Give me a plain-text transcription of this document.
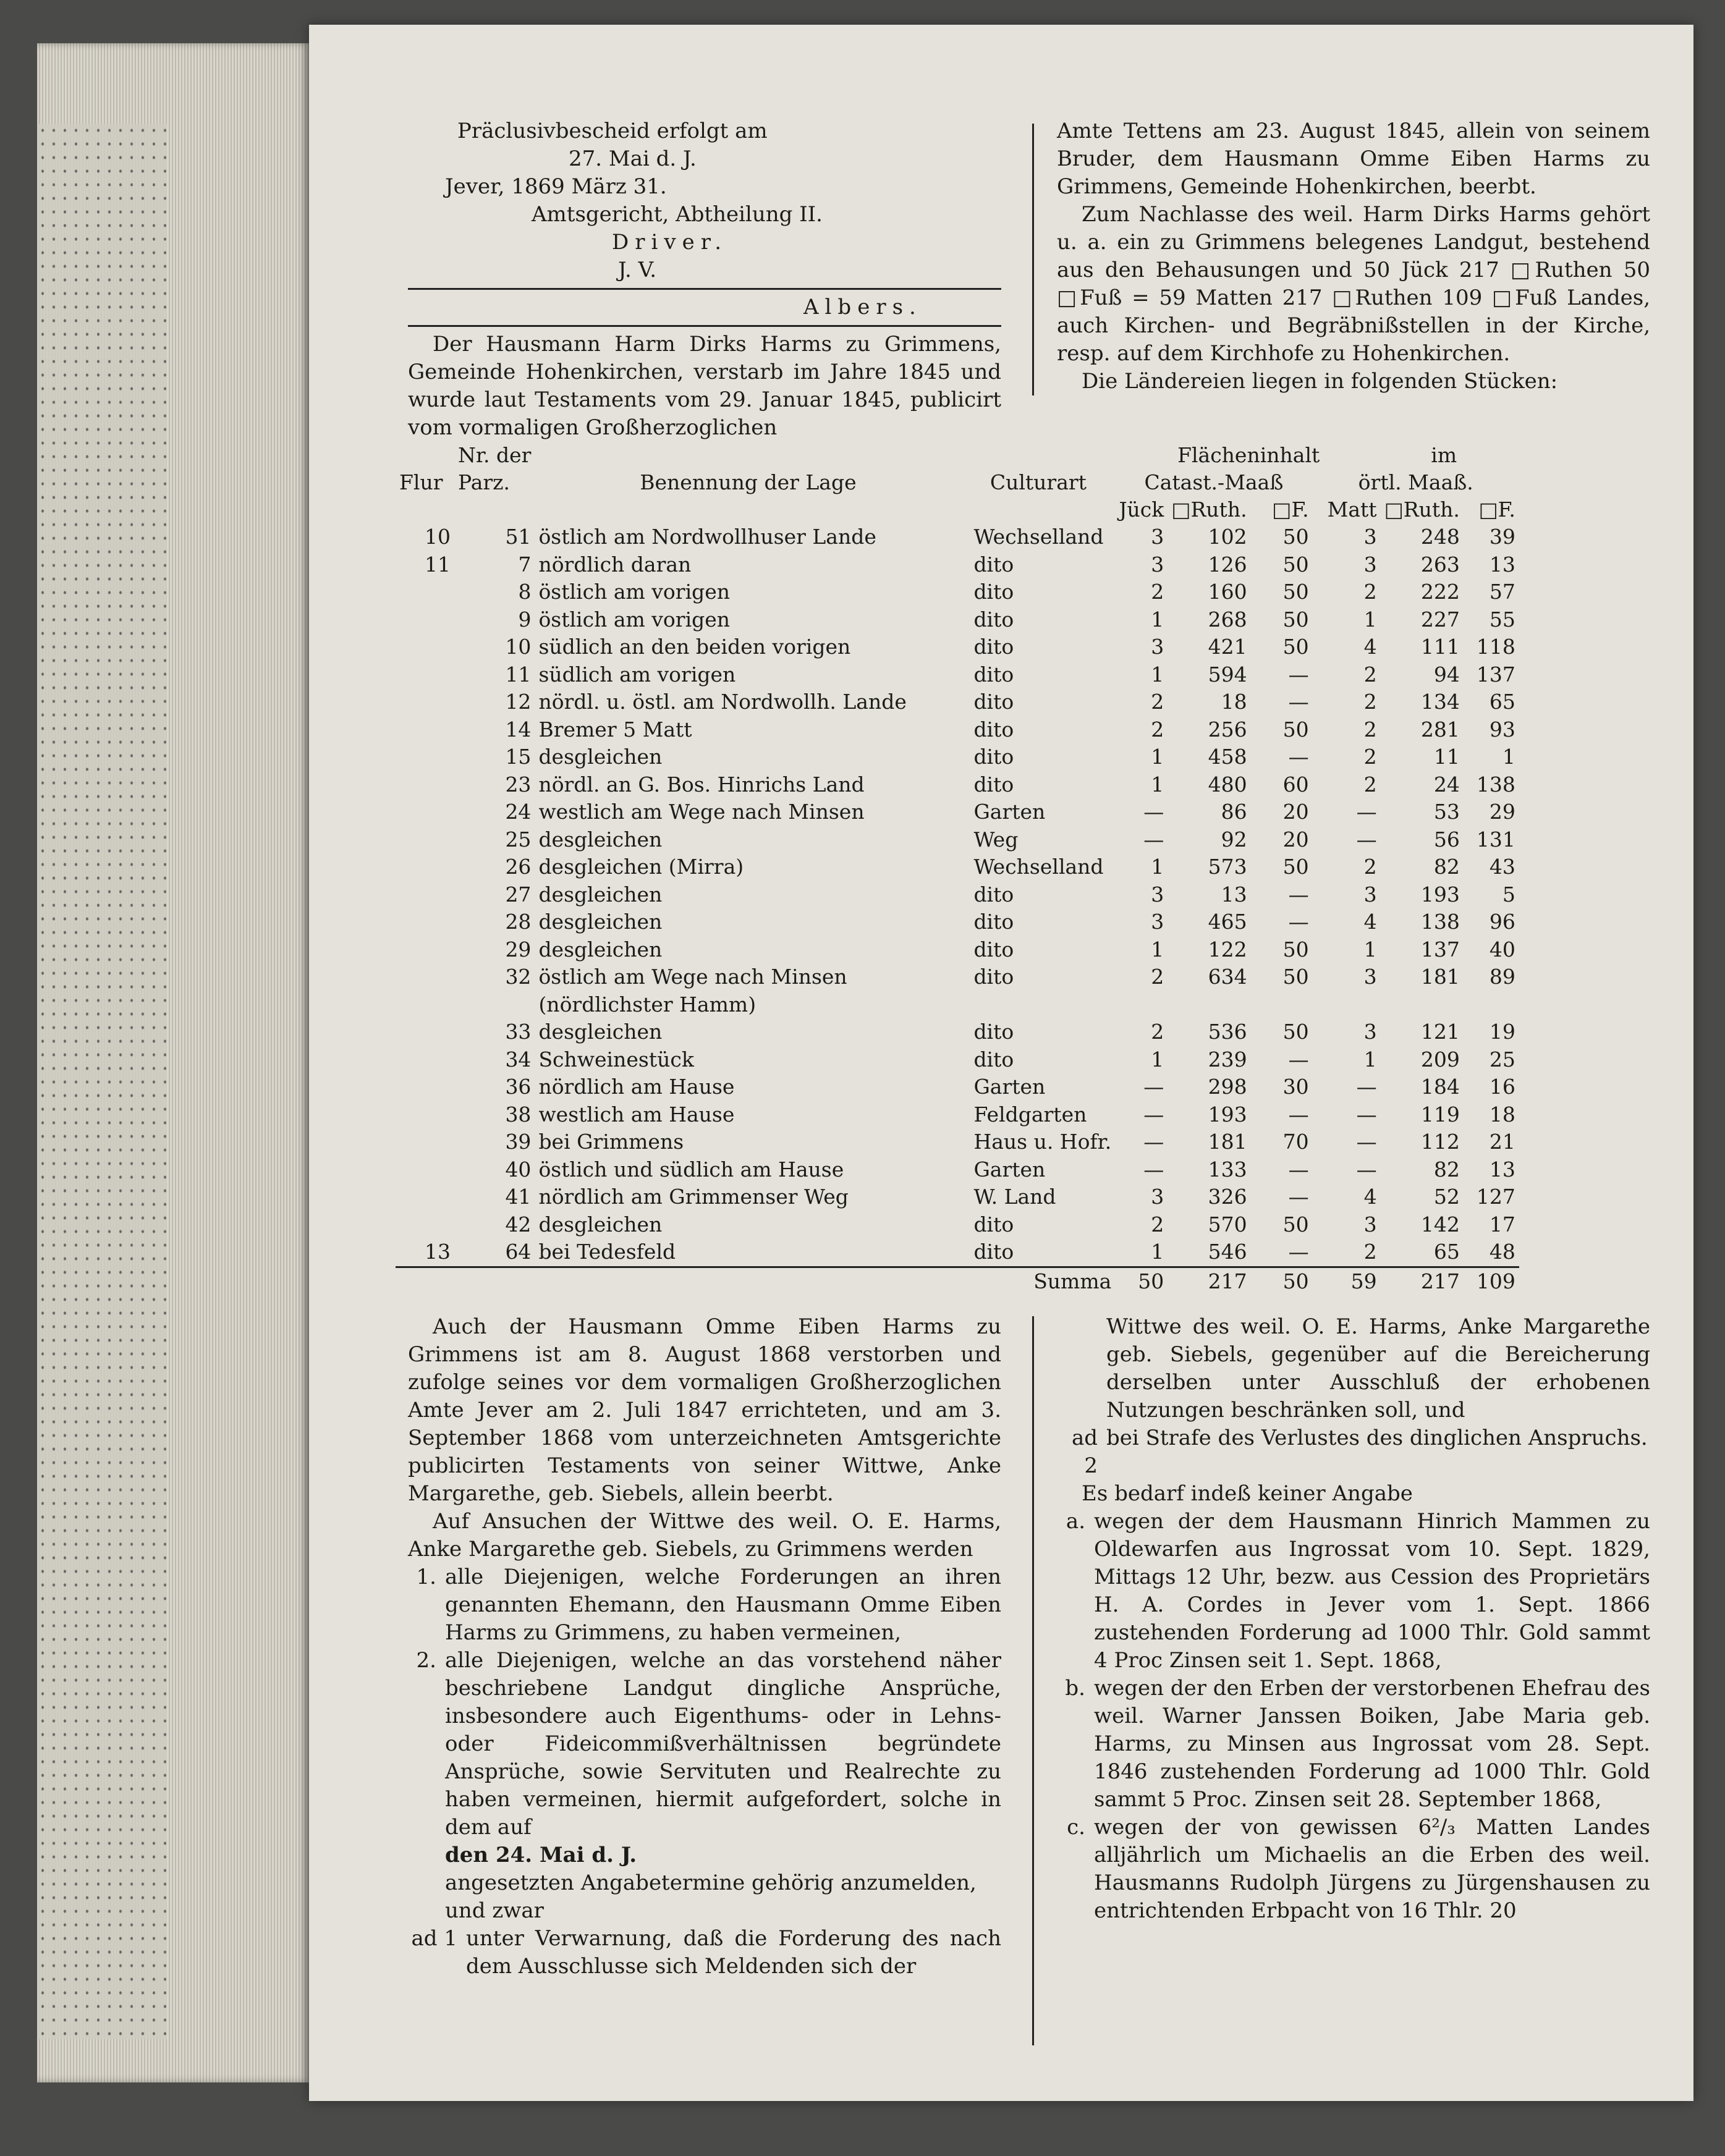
Präclusivbescheid erfolgt am
27. Mai d. J.
Jever, 1869 März 31.
Amtsgericht, Abtheilung II.
Driver.
J. V.
Albers.
Der Hausmann Harm Dirks Harms zu Grimmens, Gemeinde Hohenkirchen, verstarb im Jahre 1845 und wurde laut Testaments vom 29. Januar 1845, publicirt vom vormaligen Großherzoglichen
Amte Tettens am 23. August 1845, allein von seinem Bruder, dem Hausmann Omme Eiben Harms zu Grimmens, Gemeinde Hohenkirchen, beerbt.
Zum Nachlasse des weil. Harm Dirks Harms gehört u. a. ein zu Grimmens belegenes Landgut, bestehend aus den Behausungen und 50 Jück 217 □Ruthen 50 □Fuß = 59 Matten 217 □Ruthen 109 □Fuß Landes, auch Kirchen- und Begräbnißstellen in der Kirche, resp. auf dem Kirchhofe zu Hohenkirchen.
Die Ländereien liegen in folgenden Stücken:
	Nr. der			Flächeninhalt im					
Flur	Parz.	Benennung der Lage	Culturart	Catast.-Maaß			örtl. Maaß.		
				Jück	□Ruth.	□F.	Matt	□Ruth.	□F.
10	51	östlich am Nordwollhuser Lande	Wechselland	3	102	50	3	248	39
11	7	nördlich daran	dito	3	126	50	3	263	13
	8	östlich am vorigen	dito	2	160	50	2	222	57
	9	östlich am vorigen	dito	1	268	50	1	227	55
	10	südlich an den beiden vorigen	dito	3	421	50	4	111	118
	11	südlich am vorigen	dito	1	594	—	2	94	137
	12	nördl. u. östl. am Nordwollh. Lande	dito	2	18	—	2	134	65
	14	Bremer 5 Matt	dito	2	256	50	2	281	93
	15	desgleichen	dito	1	458	—	2	11	1
	23	nördl. an G. Bos. Hinrichs Land	dito	1	480	60	2	24	138
	24	westlich am Wege nach Minsen	Garten	—	86	20	—	53	29
	25	desgleichen	Weg	—	92	20	—	56	131
	26	desgleichen (Mirra)	Wechselland	1	573	50	2	82	43
	27	desgleichen	dito	3	13	—	3	193	5
	28	desgleichen	dito	3	465	—	4	138	96
	29	desgleichen	dito	1	122	50	1	137	40
	32	östlich am Wege nach Minsen	dito	2	634	50	3	181	89
		(nördlichster Hamm)							
	33	desgleichen	dito	2	536	50	3	121	19
	34	Schweinestück	dito	1	239	—	1	209	25
	36	nördlich am Hause	Garten	—	298	30	—	184	16
	38	westlich am Hause	Feldgarten	—	193	—	—	119	18
	39	bei Grimmens	Haus u. Hofr.	—	181	70	—	112	21
	40	östlich und südlich am Hause	Garten	—	133	—	—	82	13
	41	nördlich am Grimmenser Weg	W. Land	3	326	—	4	52	127
	42	desgleichen	dito	2	570	50	3	142	17
13	64	bei Tedesfeld	dito	1	546	—	2	65	48
			Summa	50	217	50	59	217	109
Auch der Hausmann Omme Eiben Harms zu Grimmens ist am 8. August 1868 verstorben und zufolge seines vor dem vormaligen Großherzoglichen Amte Jever am 2. Juli 1847 errichteten, und am 3. September 1868 vom unterzeichneten Amtsgerichte publicirten Testaments von seiner Wittwe, Anke Margarethe, geb. Siebels, allein beerbt.
Auf Ansuchen der Wittwe des weil. O. E. Harms, Anke Margarethe geb. Siebels, zu Grimmens werden
1. alle Diejenigen, welche Forderungen an ihren genannten Ehemann, den Hausmann Omme Eiben Harms zu Grimmens, zu haben vermeinen,
2. alle Diejenigen, welche an das vorstehend näher beschriebene Landgut dingliche Ansprüche, insbesondere auch Eigenthums- oder in Lehns- oder Fideicommißverhältnissen begründete Ansprüche, sowie Servituten und Realrechte zu haben vermeinen, hiermit aufgefordert, solche in dem auf
den 24. Mai d. J.
angesetzten Angabetermine gehörig anzumelden, und zwar
ad 1 unter Verwarnung, daß die Forderung des nach dem Ausschlusse sich Meldenden sich der
Wittwe des weil. O. E. Harms, Anke Margarethe geb. Siebels, gegenüber auf die Bereicherung derselben unter Ausschluß der erhobenen Nutzungen beschränken soll, und
ad 2
bei Strafe des Verlustes des dinglichen Anspruchs.
Es bedarf indeß keiner Angabe
a. wegen der dem Hausmann Hinrich Mammen zu Oldewarfen aus Ingrossat vom 10. Sept. 1829, Mittags 12 Uhr, bezw. aus Cession des Proprietärs H. A. Cordes in Jever vom 1. Sept. 1866 zustehenden Forderung ad 1000 Thlr. Gold sammt 4 Proc Zinsen seit 1. Sept. 1868,
b. wegen der den Erben der verstorbenen Ehefrau des weil. Warner Janssen Boiken, Jabe Maria geb. Harms, zu Minsen aus Ingrossat vom 28. Sept. 1846 zustehenden Forderung ad 1000 Thlr. Gold sammt 5 Proc. Zinsen seit 28. September 1868,
c. wegen der von gewissen 6²/₃ Matten Landes alljährlich um Michaelis an die Erben des weil. Hausmanns Rudolph Jürgens zu Jürgenshausen zu entrichtenden Erbpacht von 16 Thlr. 20
